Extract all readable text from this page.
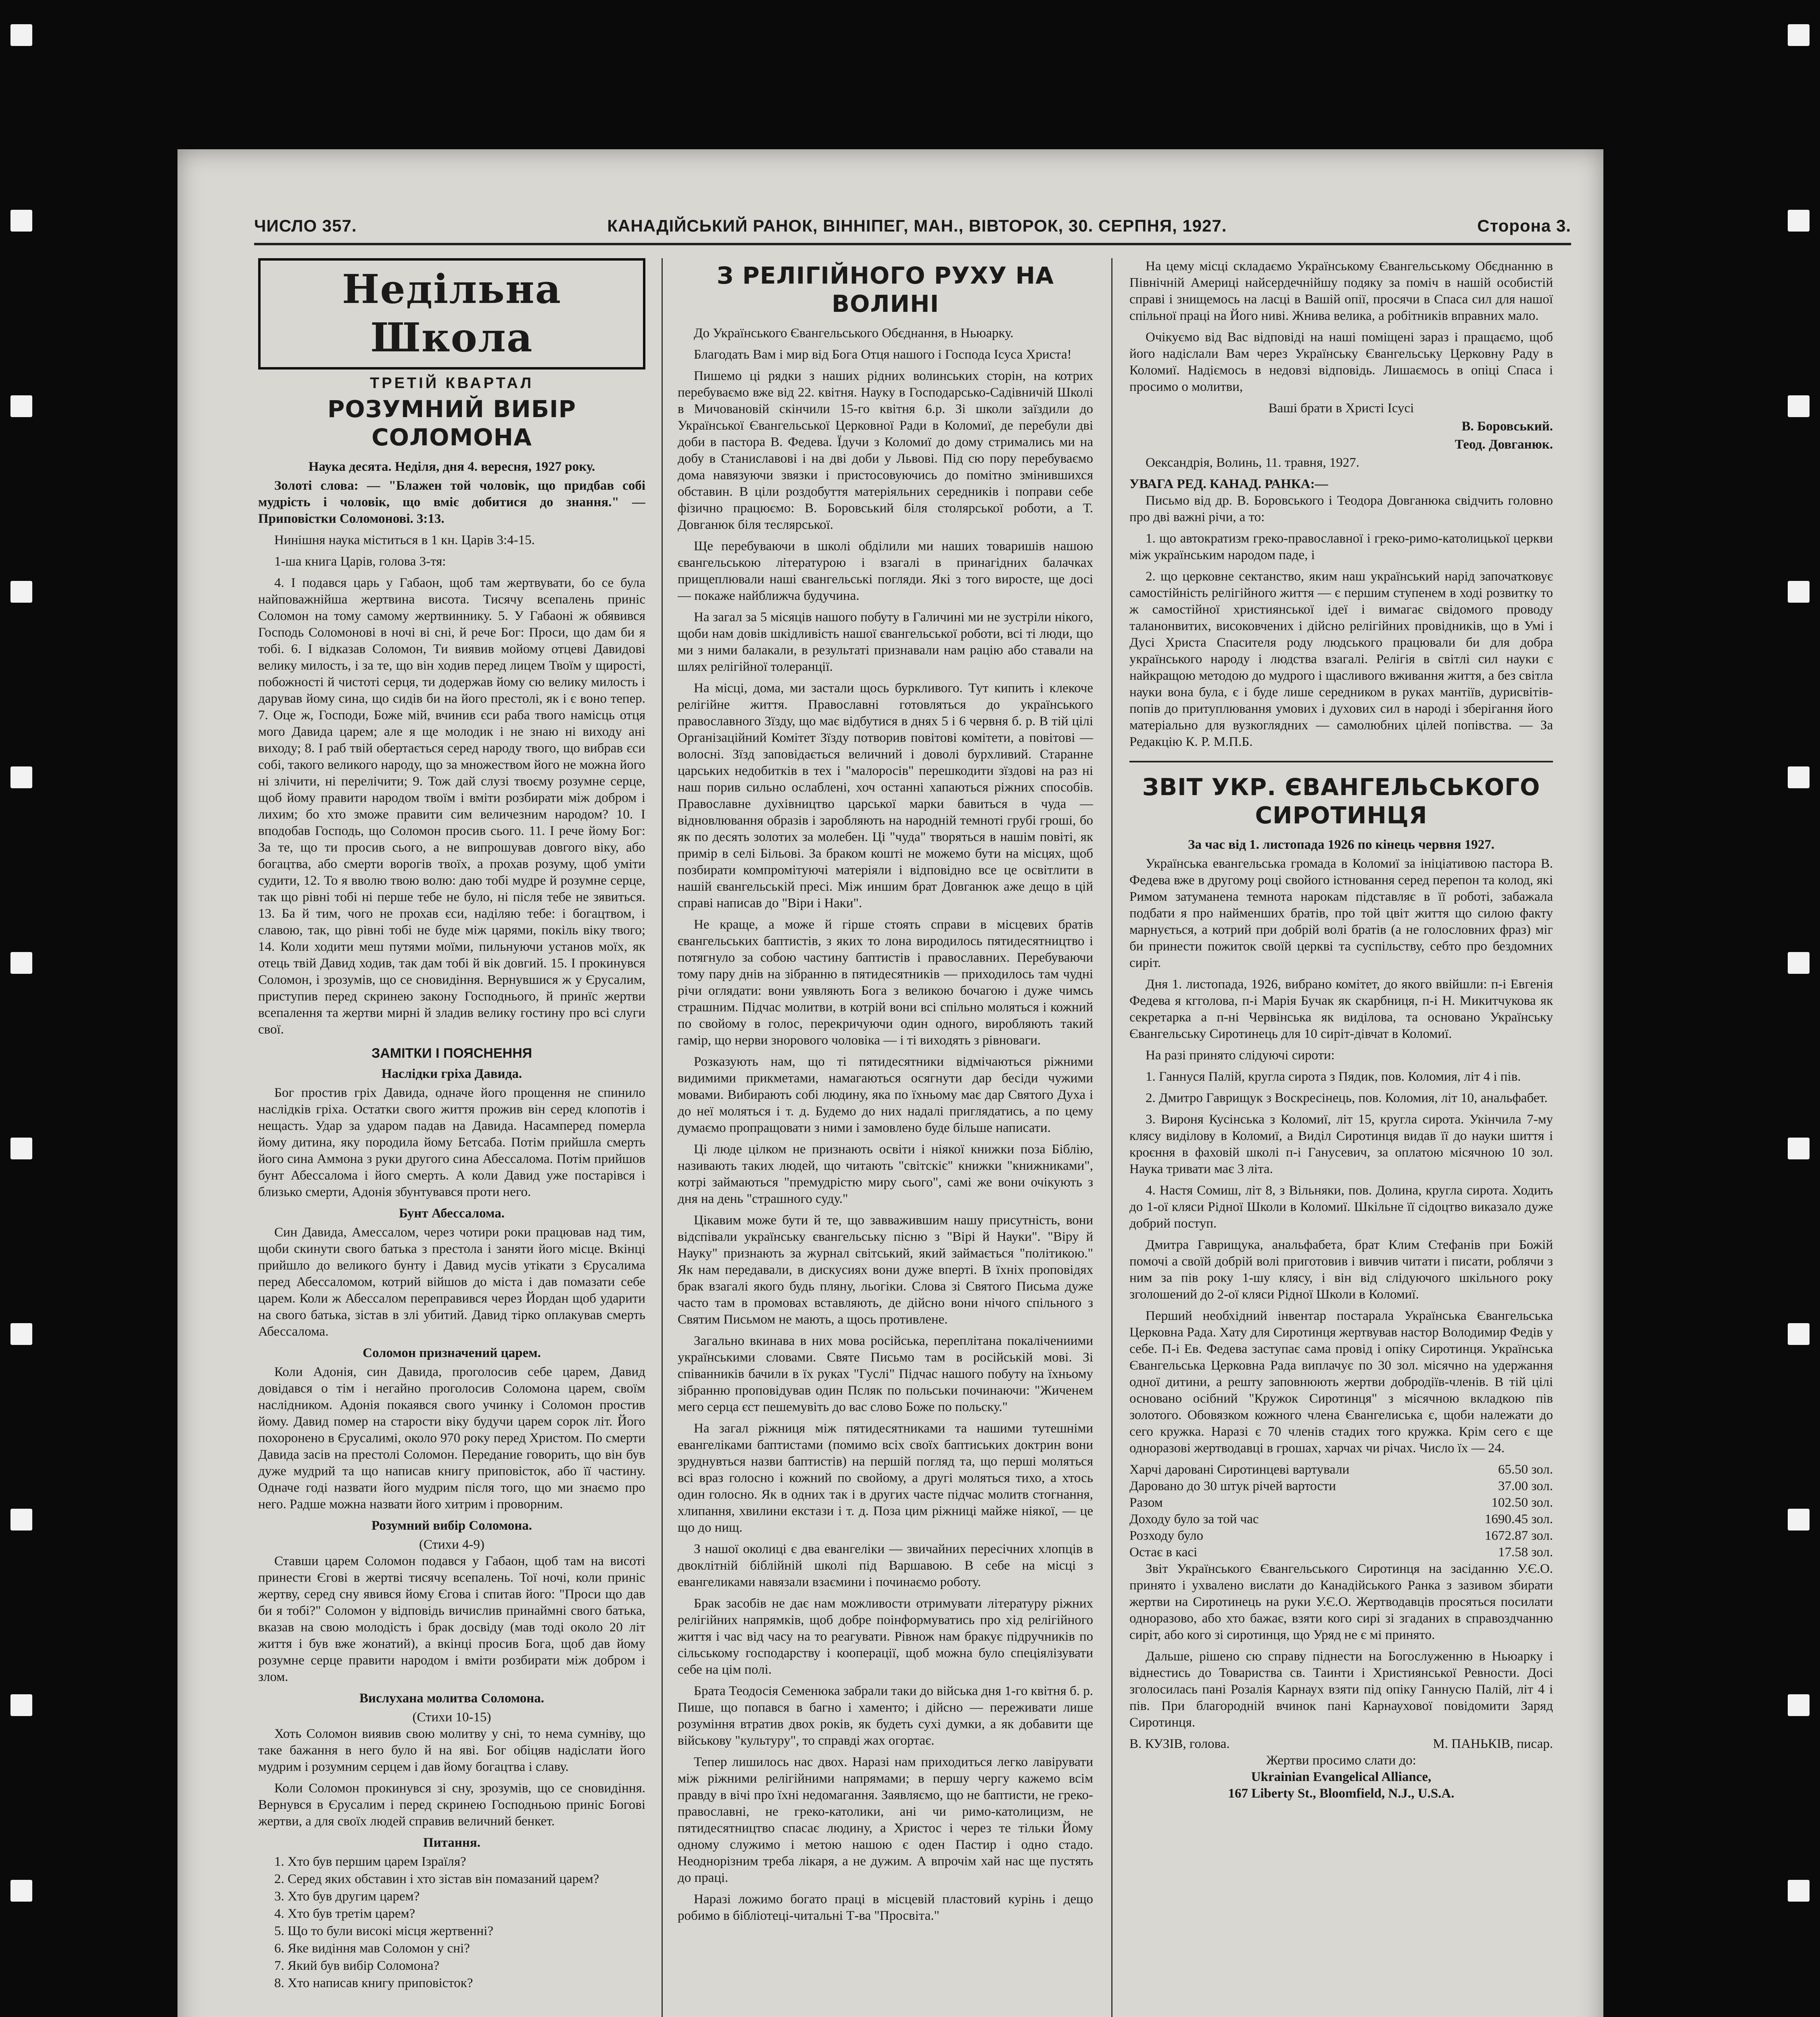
ЧИСЛО 357.	КАНАДІЙСЬКИЙ РАНОК, ВІННІПЕГ, МАН., ВІВТОРОК, 30. СЕРПНЯ, 1927.	Сторона 3.
Недільна Школа
ТРЕТІЙ КВАРТАЛ
РОЗУМНИЙ ВИБІР СОЛОМОНА
Наука десята. Неділя, дня 4. вересня, 1927 року.

Золоті слова: — "Блажен той чоловік, що придбав собі мудрість і чоловік, що вміє добитися до знання." — Приповістки Соломонові. 3:13.

Нинішня наука міститься в 1 кн. Царів 3:4-15.

1-ша книга Царів, голова 3-тя:

4. І подався царь у Габаон, щоб там жертвувати, бо се була найповажнійша жертвина висота. Тисячу всепалень приніс Соломон на тому самому жертвиннику. 5. У Габаоні ж обявився Господь Соломонові в ночі ві сні, й рече Бог: Проси, що дам би я тобі. 6. І відказав Соломон, Ти виявив мойому отцеві Давидові велику милость, і за те, що він ходив перед лицем Твоїм у щирості, побожності й чистоті серця, ти додержав йому сю велику милость і дарував йому сина, що сидів би на його престолі, як і є воно тепер. 7. Оце ж, Господи, Боже мій, вчинив єси раба твого намісць отця мого Давида царем; але я ще молодик і не знаю ні виходу ані виходу; 8. І раб твій обертається серед народу твого, що вибрав єси собі, такого великого народу, що за множеством його не можна його ні злічити, ні перелічити; 9. Тож дай слузі твоєму розумне серце, щоб йому правити народом твоїм і вміти розбирати між добром і лихим; бо хто зможе правити сим величезним народом? 10. І вподобав Господь, що Соломон просив сього. 11. І рече йому Бог: За те, що ти просив сього, а не випрошував довгого віку, або богацтва, або смерти ворогів твоїх, а прохав розуму, щоб уміти судити, 12. То я вволю твою волю: даю тобі мудре й розумне серце, так що рівні тобі ні перше тебе не було, ні після тебе не зявиться. 13. Ба й тим, чого не прохав єси, наділяю тебе: і богацтвом, і славою, так, що рівні тобі не буде між царями, покіль віку твого; 14. Коли ходити меш путями моїми, пильнуючи установ моїх, як отець твій Давид ходив, так дам тобі й вік довгий. 15. І прокинувся Соломон, і зрозумів, що се сновидіння. Вернувшися ж у Єрусалим, приступив перед скринею закону Господнього, й принїс жертви всепалення та жертви мирні й зладив велику гостину про всі слуги свої.

ЗАМІТКИ І ПОЯСНЕННЯ
Наслідки гріха Давида.

Бог простив гріх Давида, одначе його прощення не спинило наслідків гріха. Остатки свого життя прожив він серед клопотів і нещасть. Удар за ударом падав на Давида. Насамперед померла йому дитина, яку породила йому Бетсаба. Потім прийшла смерть його сина Аммона з руки другого сина Абессалома. Потім прийшов бунт Абессалома і його смерть. А коли Давид уже постарівся і близько смерти, Адонія збунтувався проти него.

Бунт Абессалома.

Син Давида, Амессалом, через чотири роки працював над тим, щоби скинути свого батька з престола і заняти його місце. Вкінці прийшло до великого бунту і Давид мусів утікати з Єрусалима перед Абессаломом, котрий війшов до міста і дав помазати себе царем. Коли ж Абессалом переправився через Йордан щоб ударити на свого батька, зістав в злі убитий. Давид тірко оплакував смерть Абессалома.

Соломон призначений царем.

Коли Адонія, син Давида, проголосив себе царем, Давид довідався о тім і негайно проголосив Соломона царем, своїм наслідником. Адонія покаявся свого учинку і Соломон простив йому. Давид помер на старости віку будучи царем сорок літ. Його похоронено в Єрусалимі, около 970 року перед Христом. По смерти Давида засів на престолі Соломон. Передание говорить, що він був дуже мудрий та що написав книгу приповісток, або її частину. Одначе годі назвати його мудрим після того, що ми знаємо про него. Радше можна назвати його хитрим і проворним.

Розумний вибір Соломона.
(Стихи 4-9)

Ставши царем Соломон подався у Габаон, щоб там на висоті принести Єгові в жертві тисячу всепалень. Тої ночі, коли приніс жертву, серед сну явився йому Єгова і спитав його: "Проси що дав би я тобі?" Соломон у відповідь вичислив принаймні свого батька, вказав на свою молодість і брак досвіду (мав тоді около 20 літ життя і був вже жонатий), а вкінці просив Бога, щоб дав йому розумне серце правити народом і вміти розбирати між добром і злом.

Вислухана молитва Соломона.
(Стихи 10-15)

Хоть Соломон виявив свою молитву у сні, то нема сумніву, що таке бажання в него було й на яві. Бог обіцяв надіслати його мудрим і розумним серцем і дав йому богацтва і славу.

Коли Соломон прокинувся зі сну, зрозумів, що се сновидіння. Вернувся в Єрусалим і перед скринею Господньою приніс Богові жертви, а для своїх людей справив величний бенкет.

Питання.
1. Хто був першим царем Ізраїля?
2. Серед яких обставин і хто зістав він помазаний царем?
3. Хто був другим царем?
4. Хто був третім царем?
5. Що то були високі місця жертвенні?
6. Яке видіння мав Соломон у сні?
7. Який був вибір Соломона?
8. Хто написав книгу приповісток?
З РЕЛІГІЙНОГО РУХУ НА ВОЛИНІ

До Українського Євангельського Обєднання, в Ньюарку.

Благодать Вам і мир від Бога Отця нашого і Господа Ісуса Христа!

Пишемо ці рядки з наших рідних волинських сторін, на котрих перебуваємо вже від 22. квітня. Науку в Господарсько-Садівничій Школі в Мичовановій скінчили 15-го квітня 6.р. Зі школи заїздили до Української Євангельської Церковної Ради в Коломиї, де перебули дві доби в пастора В. Федева. Їдучи з Коломиї до дому стримались ми на добу в Станиславові і на дві доби у Львові. Під сю пору перебуваємо дома навязуючи звязки і пристосовуючись до помітно змінившихся обставин. В ціли роздобуття матеріяльних середників і поправи себе фізично працюємо: В. Боровський біля столярської роботи, а Т. Довганюк біля теслярської.

Ще перебуваючи в школі обділили ми наших товаришів нашою євангельською літературою і взагалі в принагідних балачках прищеплювали наші євангельські погляди. Які з того виросте, ще досі — покаже найближча будучина.

На загал за 5 місяців нашого побуту в Галичині ми не зустріли нікого, щоби нам довів шкідливість нашої євангельської роботи, всі ті люди, що ми з ними балакали, в результаті признавали нам рацію або ставали на шлях релігійної толеранції.

На місці, дома, ми застали щось буркливого. Тут кипить і клекоче релігійне життя. Православні готовляться до українського православного Зїзду, що має відбутися в днях 5 і 6 червня б. р. В тій цілі Організаційний Комітет Зїзду потворив повітові комітети, а повітові — волосні. Зїзд заповідається величний і доволі бурхливий. Старанне царських недобитків в тех і "малоросів" перешкодити зїздові на раз ні наш порив сильно ослаблені, хоч останні хапаються ріжних способів. Православне духівництво царської марки бавиться в чуда — відновлювання образів і заробляють на народній темноті грубі гроші, бо як по десять золотих за молебен. Ці "чуда" творяться в нашім повіті, як примір в селі Більовi. За браком кошті не можемо бути на місцях, щоб позбирати компромітуючі матеріяли і відповідно все це освітлити в нашій євангельській пресі. Між иншим брат Довганюк аже дещо в цій справі написав до "Віри і Наки".

Не краще, а може й гірше стоять справи в місцевих братів євангельських баптистів, з яких то лона виродилось пятидесятництво і потягнуло за собою частину баптистів і православних. Перебуваючи тому пару днів на зібранню в пятидесятників — приходилось там чудні річи оглядати: вони уявляють Бога з великою бочагою і дуже чимсь страшним. Підчас молитви, в котрій вони всі спільно моляться і кожний по свойому в голос, перекричуючи один одного, виробляють такий гамір, що нерви знорового чоловіка — і ті виходять з рівноваги.

Розказують нам, що ті пятидесятники відмічаються ріжними видимими прикметами, намагаються осягнути дар бесіди чужими мовами. Вибирають собі людину, яка по їхньому має дар Святого Духа і до неї моляться і т. д. Будемо до них надалі приглядатись, а по цему думаємо пропращовати з ними і замовлено буде більше написати.

Ці люде цілком не признають освіти і ніякої книжки поза Біблію, називають таких людей, що читають "світскіє" книжки "книжниками", котрі займаються "премудрістю миру сього", самі же вони очікують з дня на день "страшного суду."

Цікавим може бути й те, що завважившим нашу присутність, вони відспівали українську євангельську пісню з "Вірі й Науки". "Віру й Науку" признають за журнал світський, який займається "політикою." Як нам передавали, в дискусиях вони дуже вперті. В їхніх проповідях брак взагалі якого будь пляну, льогіки. Слова зі Святого Письма дуже часто там в промовах вставляють, де дійсно вони нічого спільного з Святим Письмом не мають, а щось противлене.

Загально вкинава в них мова російська, переплітана покалічениими українськими словами. Святе Письмо там в російській мові. Зі співанників бачили в їх руках "Гуслі" Підчас нашого побуту на їхньому зібранню проповідував один Псляк по польськи починаючи: "Жиченем мего серца єст пешемувіть до вас слово Боже по польску."

На загал ріжниця між пятидесятниками та нашими тутешніми евангеліками баптистами (помимо всіх своїх баптиських доктрин вони зруднувться назви баптистів) на першій погляд та, що перші моляться всі враз голосно і кожний по свойому, а другі моляться тихо, а хтось один голосно. Як в одних так і в других часте підчас молитв стогнання, хлипання, хвилини екстази і т. д. Поза цим ріжниці майже ніякої, — це що до нищ.

З нашої околиці є два евангеліки — звичайних пересічних хлопців в двоклітній біблійній школі під Варшавою. В себе на місці з евангеликами навязали взаємини і починаємо роботу.

Брак засобів не дає нам можливости отримувати літературу ріжних релігійних напрямків, щоб добре поінформуватись про хід релігійного життя і час від часу на то реагувати. Рівнож нам бракує підручників по сільському господарству і кооперації, щоб можна було спеціялізувати себе на цім полі.

Брата Теодосія Семенюка забрали таки до війська дня 1-го квітня б. р. Пише, що попався в багно і хаменто; і дійсно — переживати лише розуміння втратив двох років, як будеть сухі думки, а як добавити ще військову "культуру", то справді жах огортає.

Тепер лишилось нас двох. Наразі нам приходиться легко лавірувати між ріжними релігійними напрямами; в першу чергу кажемо всім правду в вічі про їхні недомагання. Заявляємо, що не баптисти, не греко-православні, не греко-католики, ані чи римо-католицизм, не пятидесятництво спасає людину, а Христос і через те тільки Йому одному служимо і метою нашою є оден Пастир і одно стадо. Неоднорізним треба лікаря, а не дужим. А впрочім хай нас ще пустять до праці.

Наразі ложимо богато праці в місцевій пластовий курінь і дещо робимо в бібліотеці-читальні Т-ва "Просвіта."

На цему місці складаємо Українському Євангельському Обєднанню в Північній Америці найсердечнійшу подяку за поміч в нашій особистій справі і знищемось на ласці в Вашій опії, просячи в Спаса сил для нашої спільної праці на Його ниві. Жнива велика, а робітників вправних мало.

Очікуємо від Вас відповіді на наші поміщені зараз і пращаємо, щоб його надіслали Вам через Українську Євангельську Церковну Раду в Коломиї. Надіємось в недовзі відповідь. Лишаємось в опіці Спаса і просимо о молитви,

Ваші брати в Христі Ісусі
В. Боровський.
Теод. Довганюк.

Оександрія, Волинь, 11. травня, 1927.

УВАГА РЕД. КАНАД. РАНКА:—

Письмо від др. В. Боровського і Теодора Довганюка свідчить головно про дві важні річи, а то:

1. що автократизм греко-православної і греко-римо-католицької церкви між українським народом паде, і

2. що церковне сектанство, яким наш український нарід започатковує самостійність релігійного життя — є першим ступенем в ході розвитку то ж самостійної християнської ідеї і вимагає свідомого проводу таланонвитих, високовчених і дійсно релігійних провідників, що в Умі і Дусі Христа Спасителя роду людського працювали би для добра українського народу і людства взагалі. Релігія в світлі сил науки є найкращою методою до мудрого і щасливого вживання життя, а без світла науки вона була, є і буде лише середником в руках мантіїв, дурисвітів-попів до притуплювання умових і духових сил в народі і зберігання його матеріально для вузкоглядних — самолюбних цілей попівства. — За Редакцію К. Р. М.П.Б.

ЗВІТ УКР. ЄВАНГЕЛЬСЬКОГО СИРОТИНЦЯ
За час від 1. листопада 1926 по кінець червня 1927.

Українська евангельська громада в Коломиї за ініціативою пастора В. Федева вже в другому році свойого істновання серед перепон та колод, які Римом затуманена темнота нарокам підставляє в її роботі, забажала подбати я про найменших братів, про той цвіт життя що силою факту марнується, а котрий при добрій волі братів (а не голословних фраз) міг би принести пожиток своїй церкві та суспільству, себто про бездомних сиріт.

Дня 1. листопада, 1926, вибрано комітет, до якого ввійшли: п-і Евгенія Федева я кгголова, п-і Марія Бучак як скарбниця, п-і Н. Микитчукова як секретарка а п-ні Червінська як виділова, та основано Українську Євангельську Сиротинець для 10 сиріт-дівчат в Коломиї.

На разі принято слідуючі сироти:

1. Ганнуся Палій, кругла сирота з Пядик, пов. Коломия, літ 4 і пів.

2. Дмитро Гаврищук з Воскресінець, пов. Коломия, літ 10, анальфабет.

3. Вироня Кусінська з Коломиї, літ 15, кругла сирота. Укінчила 7-му клясу виділову в Коломиї, а Виділ Сиротинця видав її до науки шиття і кроєння в фаховій школі п-і Ганусевич, за оплатою місячною 10 зол. Наука тривати має 3 літа.

4. Настя Сомиш, літ 8, з Вільняки, пов. Долина, кругла сирота. Ходить до 1-ої кляси Рідної Школи в Коломиї. Шкільне її сідоцтво виказало дуже добрий поступ.

Дмитра Гаврищука, анальфабета, брат Клим Стефанів при Божій помочі а своїй добрій волі приготовив і вивчив читати і писати, роблячи з ним за пів року 1-шу клясу, і він від слідуючого шкільного року зголошений до 2-ої кляси Рідної Школи в Коломиї.

Перший необхідний інвентар постарала Українська Євангельська Церковна Рада. Хату для Сиротинця жертвував настор Володимир Федів у себе. П-і Ев. Федева заступає сама провід і опіку Сиротинця. Українська Євангельська Церковна Рада виплачує по 30 зол. місячно на удержання одної дитини, а решту заповнюють жертви добродіїв-членів. В тій цілі основано осібний "Кружок Сиротинця" з місячною вкладкою пів золотого. Обовязком кожного члена Євангелиська є, щоби належати до сего кружка. Наразі є 70 членів стадих того кружка. Крім сего є ще одноразові жертводавці в грошах, харчах чи річах. Число їх — 24.

Харчі даровані Сиротинцеві вартували	65.50 зол.
Даровано до 30 штук річей вартости	37.00 зол.
Разом	102.50 зол.
Доходу було за той час	1690.45 зол.
Розходу було	1672.87 зол.
Остає в касі	17.58 зол.

Звіт Українського Євангельського Сиротинця на засіданню У.Є.О. принято і ухвалено вислати до Канадійського Ранка з зазивом збирати жертви на Сиротинець на руки У.Є.О. Жертводавців просяться посилати одноразово, або хто бажає, взяти кого сирі зі згаданих в справоздчанню сиріт, або кого зі сиротинця, що Уряд не є мі принято.

Дальше, рішено сю справу піднести на Богослуженню в Ньюарку і віднестись до Товариства св. Таинти і Християнської Ревности. Досі зголосилась пані Розалія Карнаух взяти під опіку Ганнусю Палій, літ 4 і пів. При благородній вчинок пані Карнаухової повідомити Заряд Сиротинця.

В. КУЗІВ, голова.	М. ПАНЬКІВ, писар.
Жертви просимо слати до:
Ukrainian Evangelical Alliance,
167 Liberty St., Bloomfield, N.J., U.S.A.
